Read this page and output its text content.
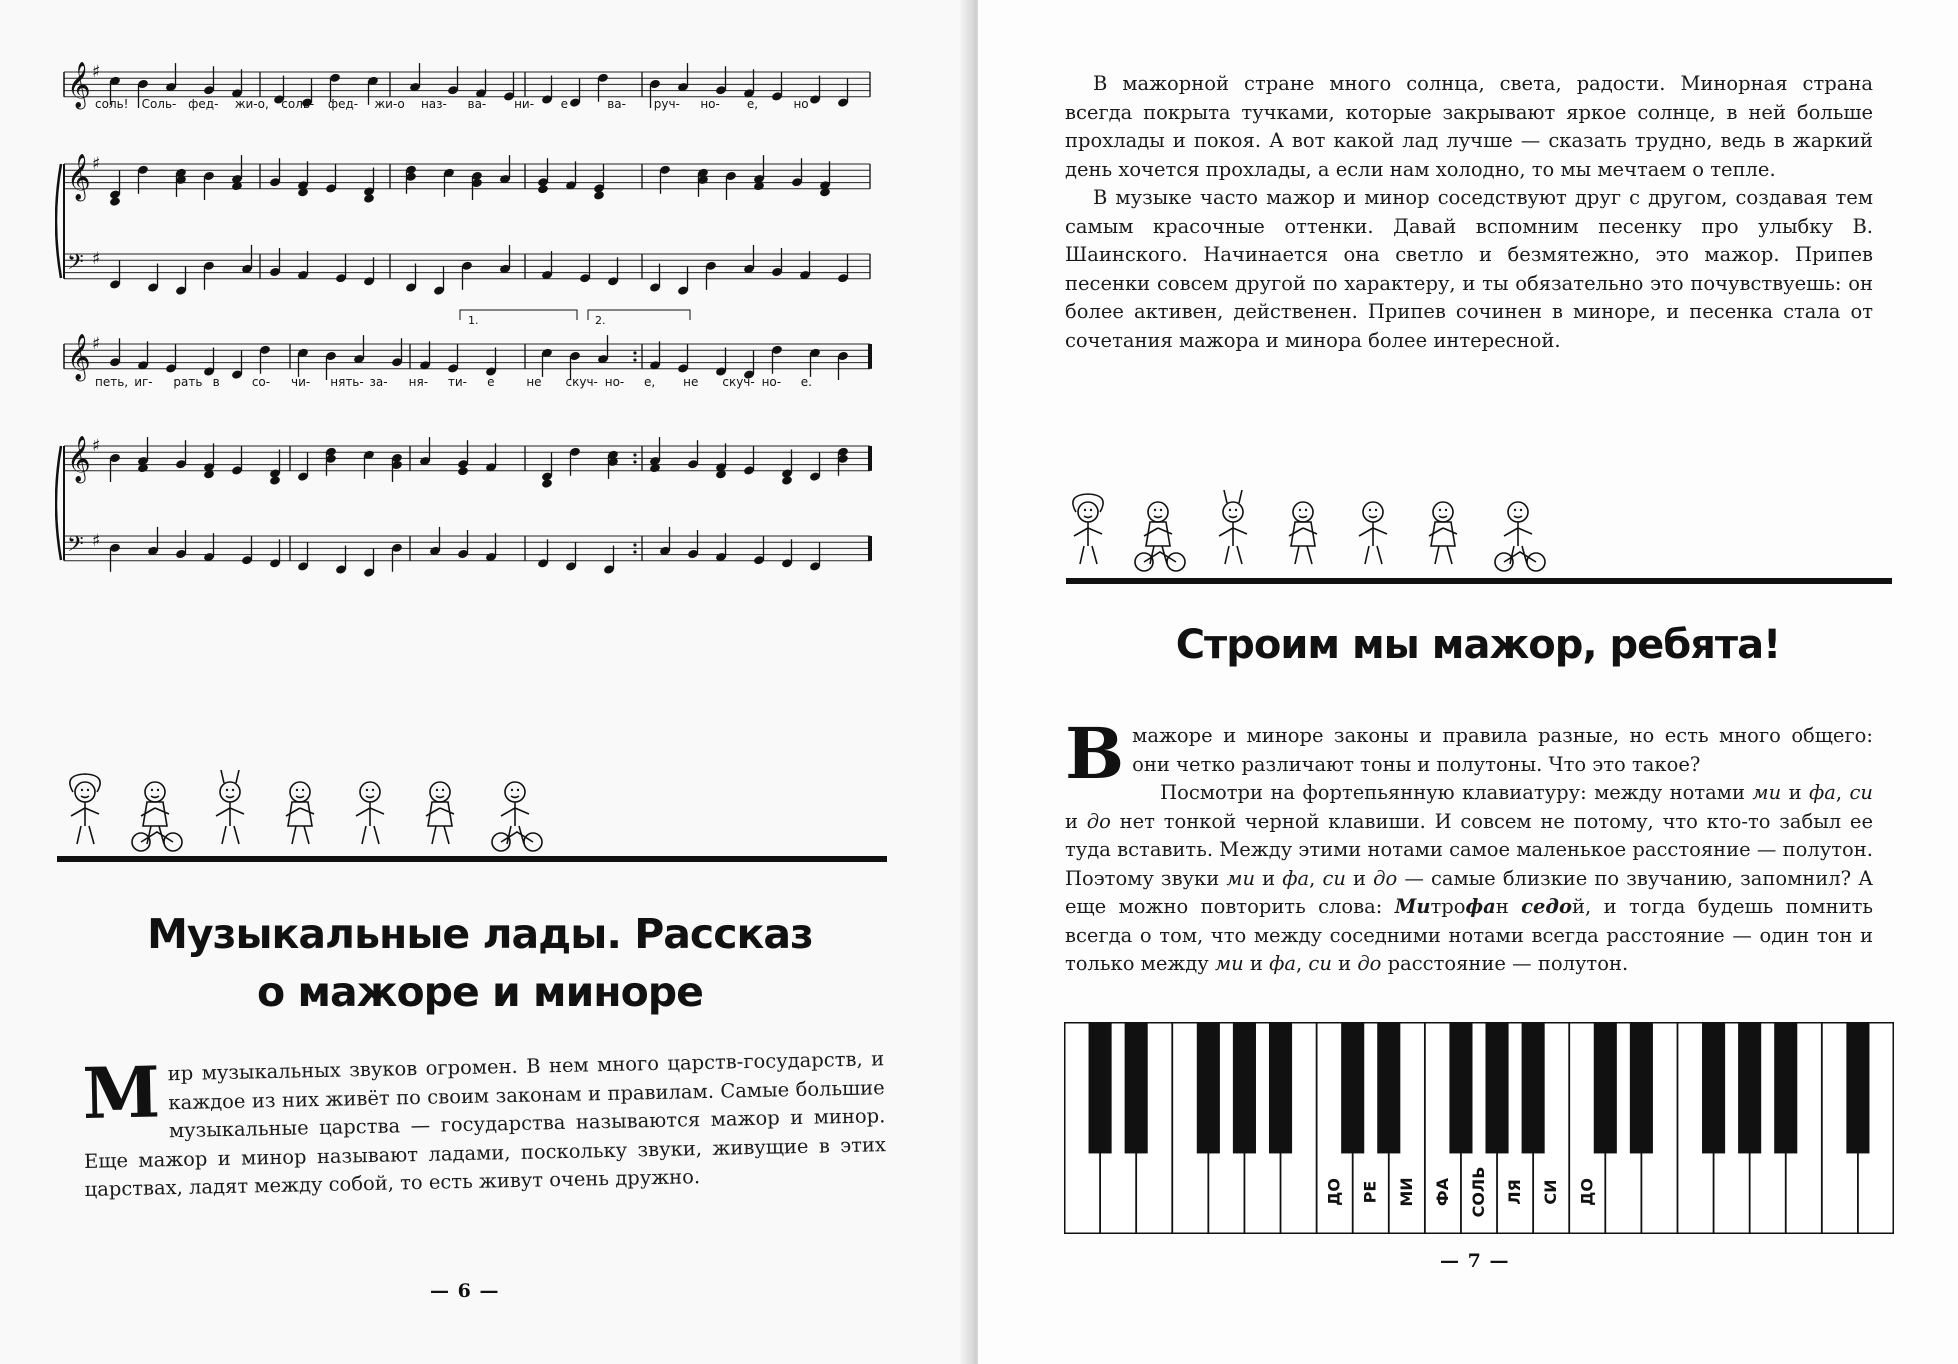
𝄞 ♯
𝄞 ♯
𝄢 ♯
𝄞 ♯
𝄞 ♯
𝄢 ♯
1.	2.
соль! Соль- фед- жи-о, соль- фед- жи-о наз- ва- ни- е	ва- руч- но- е,	но
петь, иг- рать в	со- чи- нять- за- ня- ти- е	не скуч- но- е, не скуч- но- е.
Музыкальные лады. Рассказ
о мажоре и миноре

Мир музыкальных звуков огромен. В нем много царств-государств, и каждое из них живёт по своим законам и правилам. Самые большие музыкальные царства — государства называются мажор и минор. Еще мажор и минор называют ладами, поскольку звуки, живущие в этих царствах, ладят между собой, то есть живут очень дружно.

— 6 —

В мажорной стране много солнца, света, радости. Минорная страна всегда покрыта тучками, которые закрывают яркое солнце, в ней больше прохлады и покоя. А вот какой лад лучше — сказать трудно, ведь в жаркий день хочется прохлады, а если нам холодно, то мы мечтаем о тепле.

В музыке часто мажор и минор соседствуют друг с другом, создавая тем самым красочные оттенки. Давай вспомним песенку про улыбку В. Шаинского. Начинается она светло и безмятежно, это мажор. Припев песенки совсем другой по характеру, и ты обязательно это почувствуешь: он более активен, действенен. Припев сочинен в миноре, и песенка стала от сочетания мажора и минора более интересной.

Строим мы мажор, ребята!

В мажоре и миноре законы и правила разные, но есть много общего: они четко различают тоны и полутоны. Что это такое?

Посмотри на фортепьянную клавиатуру: между нотами ми и фа, си и до нет тонкой черной клавиши. И совсем не потому, что кто-то забыл ее туда вставить. Между этими нотами самое маленькое расстояние — полутон. Поэтому звуки ми и фа, си и до — самые близкие по звучанию, запомнил? А еще можно повторить слова: Митрофан седой, и тогда будешь помнить всегда о том, что между соседними нотами всегда расстояние — один тон и только между ми и фа, си и до расстояние — полутон.

ДО РЕ МИ ФА СОЛЬ ЛЯ СИ ДО
— 7 —
